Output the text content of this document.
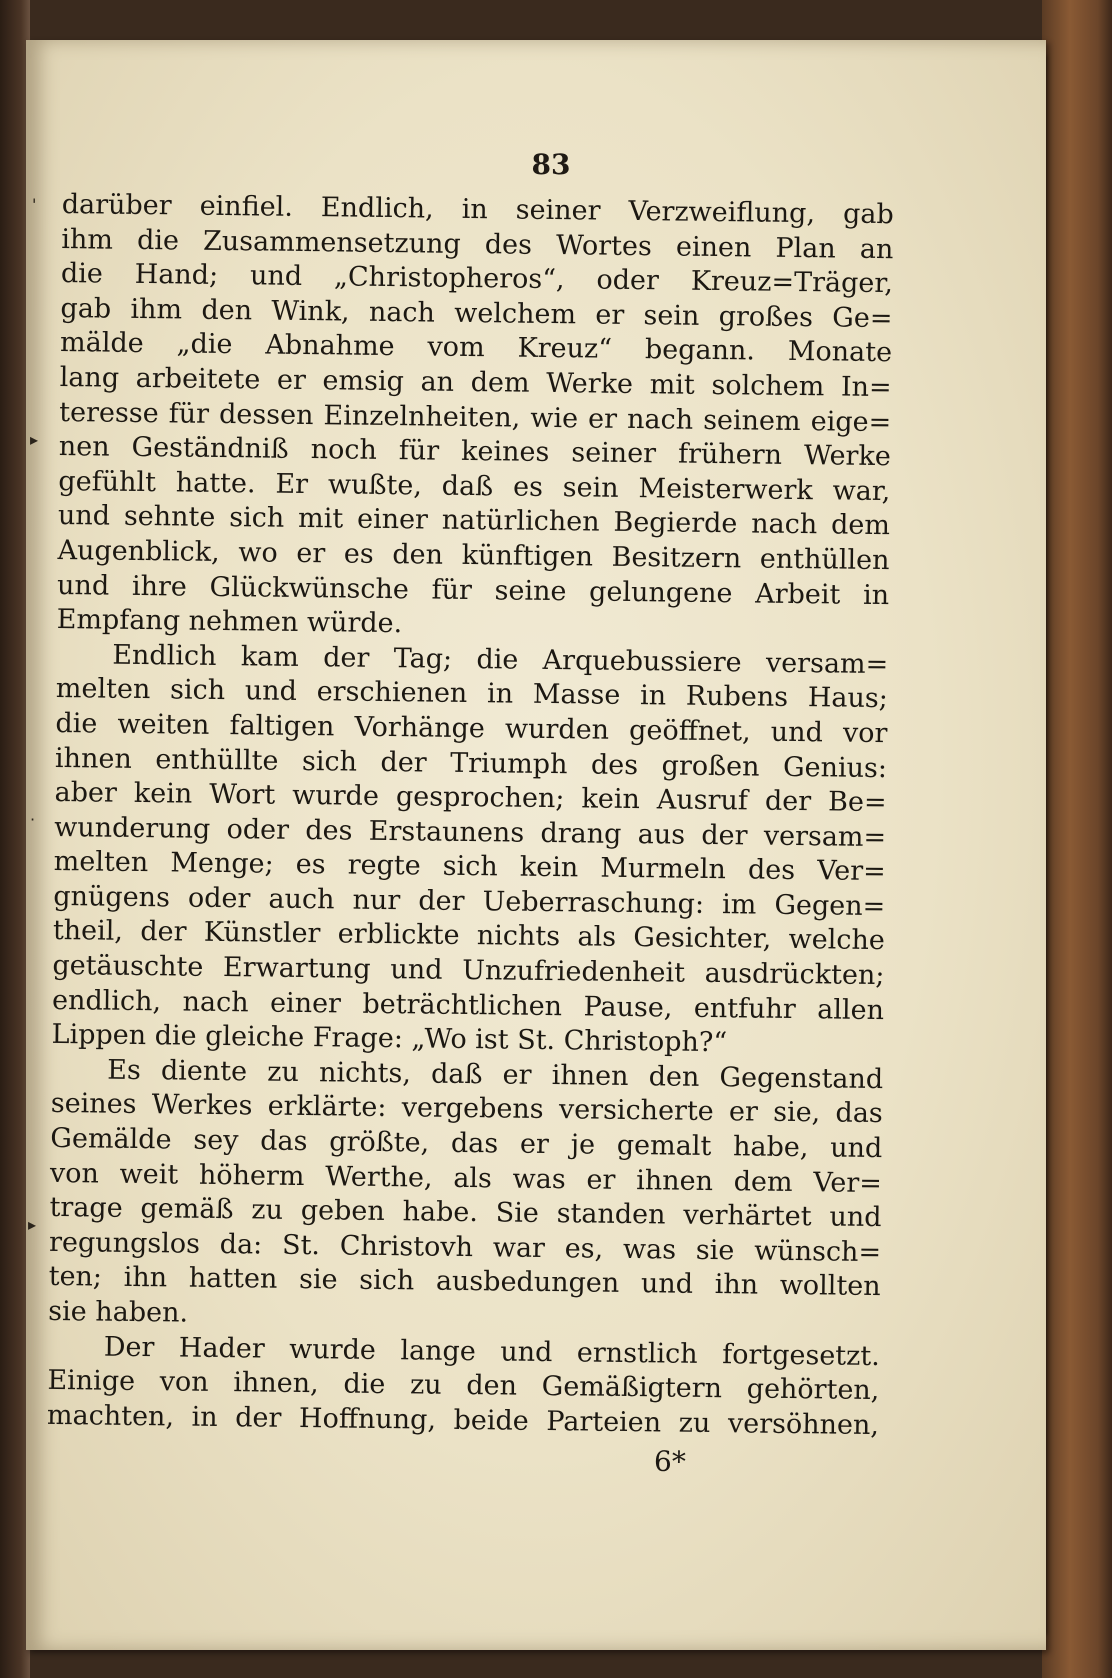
83
darüber einfiel. Endlich, in seiner Verzweiflung, gab
ihm die Zusammensetzung des Wortes einen Plan an
die Hand; und „Christopheros“, oder Kreuz=Träger,
gab ihm den Wink, nach welchem er sein großes Ge=
mälde „die Abnahme vom Kreuz“ begann. Monate
lang arbeitete er emsig an dem Werke mit solchem In=
teresse für dessen Einzelnheiten, wie er nach seinem eige=
nen Geständniß noch für keines seiner frühern Werke
gefühlt hatte. Er wußte, daß es sein Meisterwerk war,
und sehnte sich mit einer natürlichen Begierde nach dem
Augenblick, wo er es den künftigen Besitzern enthüllen
und ihre Glückwünsche für seine gelungene Arbeit in
Empfang nehmen würde.
Endlich kam der Tag; die Arquebussiere versam=
melten sich und erschienen in Masse in Rubens Haus;
die weiten faltigen Vorhänge wurden geöffnet, und vor
ihnen enthüllte sich der Triumph des großen Genius:
aber kein Wort wurde gesprochen; kein Ausruf der Be=
wunderung oder des Erstaunens drang aus der versam=
melten Menge; es regte sich kein Murmeln des Ver=
gnügens oder auch nur der Ueberraschung: im Gegen=
theil, der Künstler erblickte nichts als Gesichter, welche
getäuschte Erwartung und Unzufriedenheit ausdrückten;
endlich, nach einer beträchtlichen Pause, entfuhr allen
Lippen die gleiche Frage: „Wo ist St. Christoph?“
Es diente zu nichts, daß er ihnen den Gegenstand
seines Werkes erklärte: vergebens versicherte er sie, das
Gemälde sey das größte, das er je gemalt habe, und
von weit höherm Werthe, als was er ihnen dem Ver=
trage gemäß zu geben habe. Sie standen verhärtet und
regungslos da: St. Christovh war es, was sie wünsch=
ten; ihn hatten sie sich ausbedungen und ihn wollten
sie haben.
Der Hader wurde lange und ernstlich fortgesetzt.
Einige von ihnen, die zu den Gemäßigtern gehörten,
machten, in der Hoffnung, beide Parteien zu versöhnen,
6*
'
▸
·
▸
